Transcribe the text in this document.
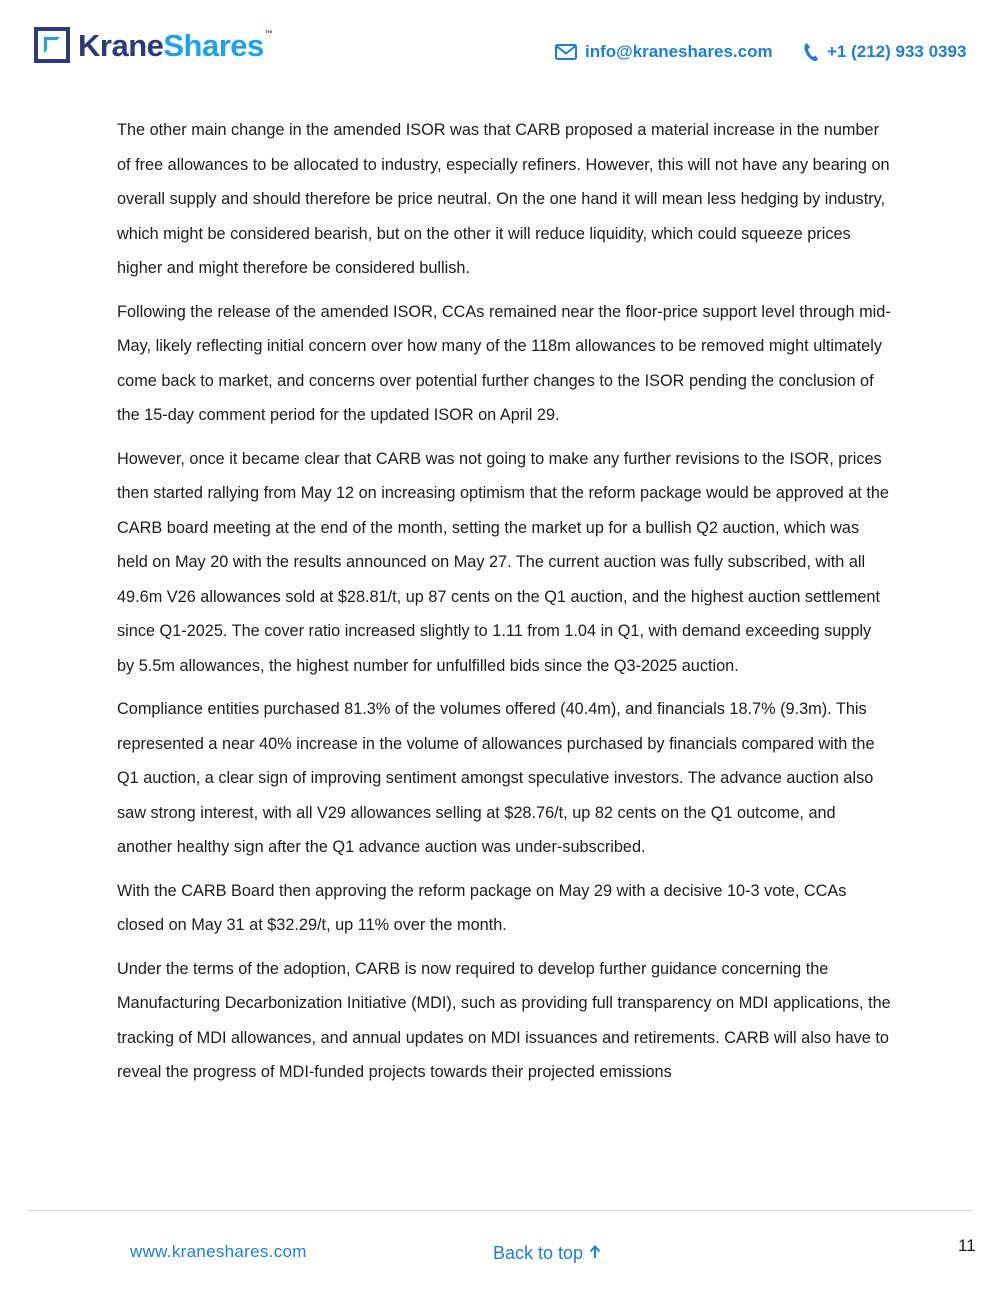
KraneShares™
info@kraneshares.com	+1 (212) 933 0393

The other main change in the amended ISOR was that CARB proposed a material increase in the number of free allowances to be allocated to industry, especially refiners. However, this will not have any bearing on overall supply and should therefore be price neutral. On the one hand it will mean less hedging by industry, which might be considered bearish, but on the other it will reduce liquidity, which could squeeze prices higher and might therefore be considered bullish.

Following the release of the amended ISOR, CCAs remained near the floor-price support level through mid-May, likely reflecting initial concern over how many of the 118m allowances to be removed might ultimately come back to market, and concerns over potential further changes to the ISOR pending the conclusion of the 15-day comment period for the updated ISOR on April 29.

However, once it became clear that CARB was not going to make any further revisions to the ISOR, prices then started rallying from May 12 on increasing optimism that the reform package would be approved at the CARB board meeting at the end of the month, setting the market up for a bullish Q2 auction, which was held on May 20 with the results announced on May 27. The current auction was fully subscribed, with all 49.6m V26 allowances sold at $28.81/t, up 87 cents on the Q1 auction, and the highest auction settlement since Q1-2025. The cover ratio increased slightly to 1.11 from 1.04 in Q1, with demand exceeding supply by 5.5m allowances, the highest number for unfulfilled bids since the Q3-2025 auction.

Compliance entities purchased 81.3% of the volumes offered (40.4m), and financials 18.7% (9.3m). This represented a near 40% increase in the volume of allowances purchased by financials compared with the Q1 auction, a clear sign of improving sentiment amongst speculative investors. The advance auction also saw strong interest, with all V29 allowances selling at $28.76/t, up 82 cents on the Q1 outcome, and another healthy sign after the Q1 advance auction was under-subscribed.

With the CARB Board then approving the reform package on May 29 with a decisive 10-3 vote, CCAs closed on May 31 at $32.29/t, up 11% over the month.

Under the terms of the adoption, CARB is now required to develop further guidance concerning the Manufacturing Decarbonization Initiative (MDI), such as providing full transparency on MDI applications, the tracking of MDI allowances, and annual updates on MDI issuances and retirements. CARB will also have to reveal the progress of MDI-funded projects towards their projected emissions

www.kraneshares.com	Back to top	11
